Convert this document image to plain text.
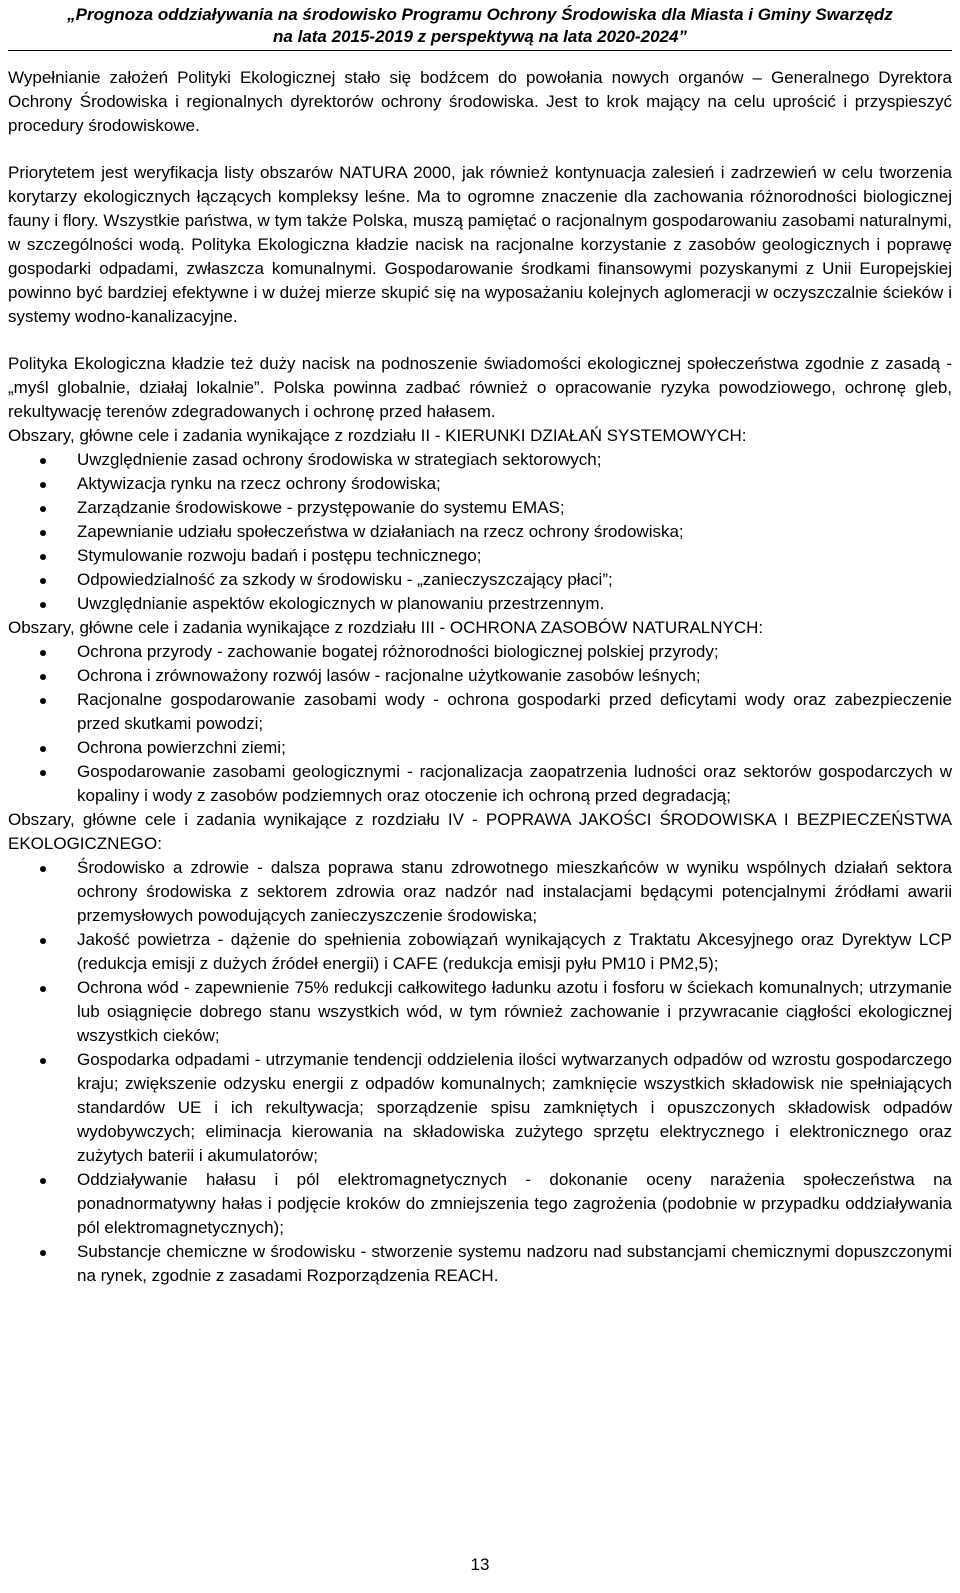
„Prognoza oddziaływania na środowisko Programu Ochrony Środowiska dla Miasta i Gminy Swarzędz
na lata 2015-2019 z perspektywą na lata 2020-2024”

Wypełnianie założeń Polityki Ekologicznej stało się bodźcem do powołania nowych organów – Generalnego Dyrektora Ochrony Środowiska i regionalnych dyrektorów ochrony środowiska. Jest to krok mający na celu uprościć i przyspieszyć procedury środowiskowe.

Priorytetem jest weryfikacja listy obszarów NATURA 2000, jak również kontynuacja zalesień i zadrzewień w celu tworzenia korytarzy ekologicznych łączących kompleksy leśne. Ma to ogromne znaczenie dla zachowania różnorodności biologicznej fauny i flory. Wszystkie państwa, w tym także Polska, muszą pamiętać o racjonalnym gospodarowaniu zasobami naturalnymi, w szczególności wodą. Polityka Ekologiczna kładzie nacisk na racjonalne korzystanie z zasobów geologicznych i poprawę gospodarki odpadami, zwłaszcza komunalnymi. Gospodarowanie środkami finansowymi pozyskanymi z Unii Europejskiej powinno być bardziej efektywne i w dużej mierze skupić się na wyposażaniu kolejnych aglomeracji w oczyszczalnie ścieków i systemy wodno-kanalizacyjne.

Polityka Ekologiczna kładzie też duży nacisk na podnoszenie świadomości ekologicznej społeczeństwa zgodnie z zasadą - „myśl globalnie, działaj lokalnie”. Polska powinna zadbać również o opracowanie ryzyka powodziowego, ochronę gleb, rekultywację terenów zdegradowanych i ochronę przed hałasem.

Obszary, główne cele i zadania wynikające z rozdziału II - KIERUNKI DZIAŁAŃ SYSTEMOWYCH:
Uwzględnienie zasad ochrony środowiska w strategiach sektorowych;
Aktywizacja rynku na rzecz ochrony środowiska;
Zarządzanie środowiskowe - przystępowanie do systemu EMAS;
Zapewnianie udziału społeczeństwa w działaniach na rzecz ochrony środowiska;
Stymulowanie rozwoju badań i postępu technicznego;
Odpowiedzialność za szkody w środowisku - „zanieczyszczający płaci”;
Uwzględnianie aspektów ekologicznych w planowaniu przestrzennym.
Obszary, główne cele i zadania wynikające z rozdziału III - OCHRONA ZASOBÓW NATURALNYCH:
Ochrona przyrody - zachowanie bogatej różnorodności biologicznej polskiej przyrody;
Ochrona i zrównoważony rozwój lasów - racjonalne użytkowanie zasobów leśnych;
Racjonalne gospodarowanie zasobami wody - ochrona gospodarki przed deficytami wody oraz zabezpieczenie przed skutkami powodzi;
Ochrona powierzchni ziemi;
Gospodarowanie zasobami geologicznymi - racjonalizacja zaopatrzenia ludności oraz sektorów gospodarczych w kopaliny i wody z zasobów podziemnych oraz otoczenie ich ochroną przed degradacją;
Obszary, główne cele i zadania wynikające z rozdziału IV - POPRAWA JAKOŚCI ŚRODOWISKA I BEZPIECZEŃSTWA EKOLOGICZNEGO:
Środowisko a zdrowie - dalsza poprawa stanu zdrowotnego mieszkańców w wyniku wspólnych działań sektora ochrony środowiska z sektorem zdrowia oraz nadzór nad instalacjami będącymi potencjalnymi źródłami awarii przemysłowych powodujących zanieczyszczenie środowiska;
Jakość powietrza - dążenie do spełnienia zobowiązań wynikających z Traktatu Akcesyjnego oraz Dyrektyw LCP (redukcja emisji z dużych źródeł energii) i CAFE (redukcja emisji pyłu PM10 i PM2,5);
Ochrona wód - zapewnienie 75% redukcji całkowitego ładunku azotu i fosforu w ściekach komunalnych; utrzymanie lub osiągnięcie dobrego stanu wszystkich wód, w tym również zachowanie i przywracanie ciągłości ekologicznej wszystkich cieków;
Gospodarka odpadami - utrzymanie tendencji oddzielenia ilości wytwarzanych odpadów od wzrostu gospodarczego kraju; zwiększenie odzysku energii z odpadów komunalnych; zamknięcie wszystkich składowisk nie spełniających standardów UE i ich rekultywacja; sporządzenie spisu zamkniętych i opuszczonych składowisk odpadów wydobywczych; eliminacja kierowania na składowiska zużytego sprzętu elektrycznego i elektronicznego oraz zużytych baterii i akumulatorów;
Oddziaływanie hałasu i pól elektromagnetycznych - dokonanie oceny narażenia społeczeństwa na ponadnormatywny hałas i podjęcie kroków do zmniejszenia tego zagrożenia (podobnie w przypadku oddziaływania pól elektromagnetycznych);
Substancje chemiczne w środowisku - stworzenie systemu nadzoru nad substancjami chemicznymi dopuszczonymi na rynek, zgodnie z zasadami Rozporządzenia REACH.
13
